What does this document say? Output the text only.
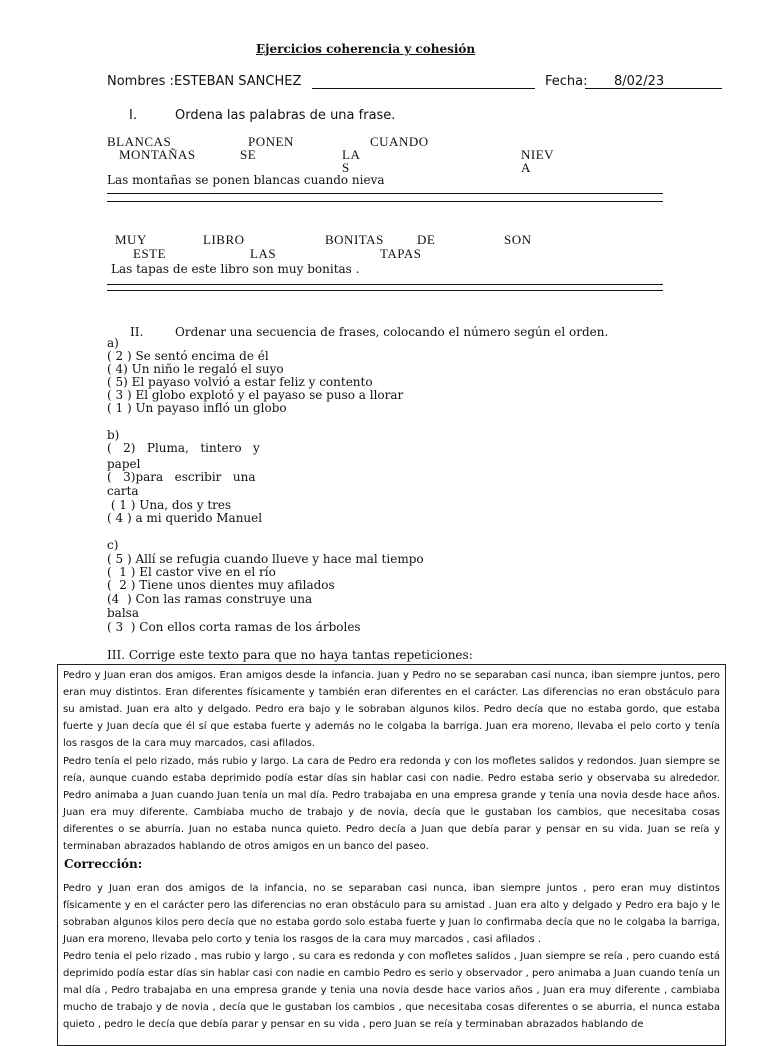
Ejercicios coherencia y cohesión
Nombres : ESTEBAN SANCHEZ	Fecha: 8/02/23
I.	Ordena las palabras de una frase.
BLANCAS	PONEN	CUANDO
MONTAÑAS	SE	LA	NIEV
S	A
Las montañas se ponen blancas cuando nieva
MUY	LIBRO	BONITAS	DE	SON
ESTE	LAS	TAPAS
Las tapas de este libro son muy bonitas .
II.	Ordenar una secuencia de frases, colocando el número según el orden.
a)
( 2 ) Se sentó encima de él
( 4) Un niño le regaló el suyo
( 5) El payaso volvió a estar feliz y contento
( 3 ) El globo explotó y el payaso se puso a llorar
( 1 ) Un payaso infló un globo
b)
(   2)   Pluma,   tintero   y
papel
(   3)para   escribir   una
carta
( 1 ) Una, dos y tres
( 4 ) a mi querido Manuel
c)
( 5 ) Allí se refugia cuando llueve y hace mal tiempo
(  1 ) El castor vive en el río
(  2 ) Tiene unos dientes muy afilados
(4  ) Con las ramas construye una
balsa
( 3  ) Con ellos corta ramas de los árboles
III. Corrige este texto para que no haya tantas repeticiones:
Pedro y Juan eran dos amigos. Eran amigos desde la infancia. Juan y Pedro no se separaban casi nunca, iban siempre juntos, pero eran muy distintos. Eran diferentes físicamente y también eran diferentes en el carácter. Las diferencias no eran obstáculo para su amistad. Juan era alto y delgado. Pedro era bajo y le sobraban algunos kilos. Pedro decía que no estaba gordo, que estaba fuerte y Juan decía que él sí que estaba fuerte y además no le colgaba la barriga. Juan era moreno, llevaba el pelo corto y tenía los rasgos de la cara muy marcados, casi afilados.
Pedro tenía el pelo rizado, más rubio y largo. La cara de Pedro era redonda y con los mofletes salidos y redondos. Juan siempre se reía, aunque cuando estaba deprimido podía estar días sin hablar casi con nadie. Pedro estaba serio y observaba su alrededor. Pedro animaba a Juan cuando Juan tenía un mal día. Pedro trabajaba en una empresa grande y tenía una novia desde hace años. Juan era muy diferente. Cambiaba mucho de trabajo y de novia, decía que le gustaban los cambios, que necesitaba cosas diferentes o se aburría. Juan no estaba nunca quieto. Pedro decía a Juan que debía parar y pensar en su vida. Juan se reía y terminaban abrazados hablando de otros amigos en un banco del paseo.
Corrección:
Pedro y Juan eran dos amigos de la infancia, no se separaban casi nunca, iban siempre juntos , pero eran muy distintos físicamente y en el carácter pero las diferencias no eran obstáculo para su amistad . Juan era alto y delgado y Pedro era bajo y le sobraban algunos kilos pero decía que no estaba gordo solo estaba fuerte y Juan lo confirmaba decía que no le colgaba la barriga, Juan era moreno, llevaba pelo corto y tenia los rasgos de la cara muy marcados , casi afilados .
Pedro tenia el pelo rizado , mas rubio y largo , su cara es redonda y con mofletes salidos , Juan siempre se reía , pero cuando está deprimido podía estar días sin hablar casi con nadie en cambio Pedro es serio y observador , pero animaba a Juan cuando tenía un mal día , Pedro trabajaba en una empresa grande y tenia una novia desde hace varios años , Juan era muy diferente , cambiaba mucho de trabajo y de novia , decía que le gustaban los cambios , que necesitaba cosas diferentes o se aburria, el nunca estaba quieto , pedro le decía que debía parar y pensar en su vida , pero Juan se reía y terminaban abrazados hablando de
